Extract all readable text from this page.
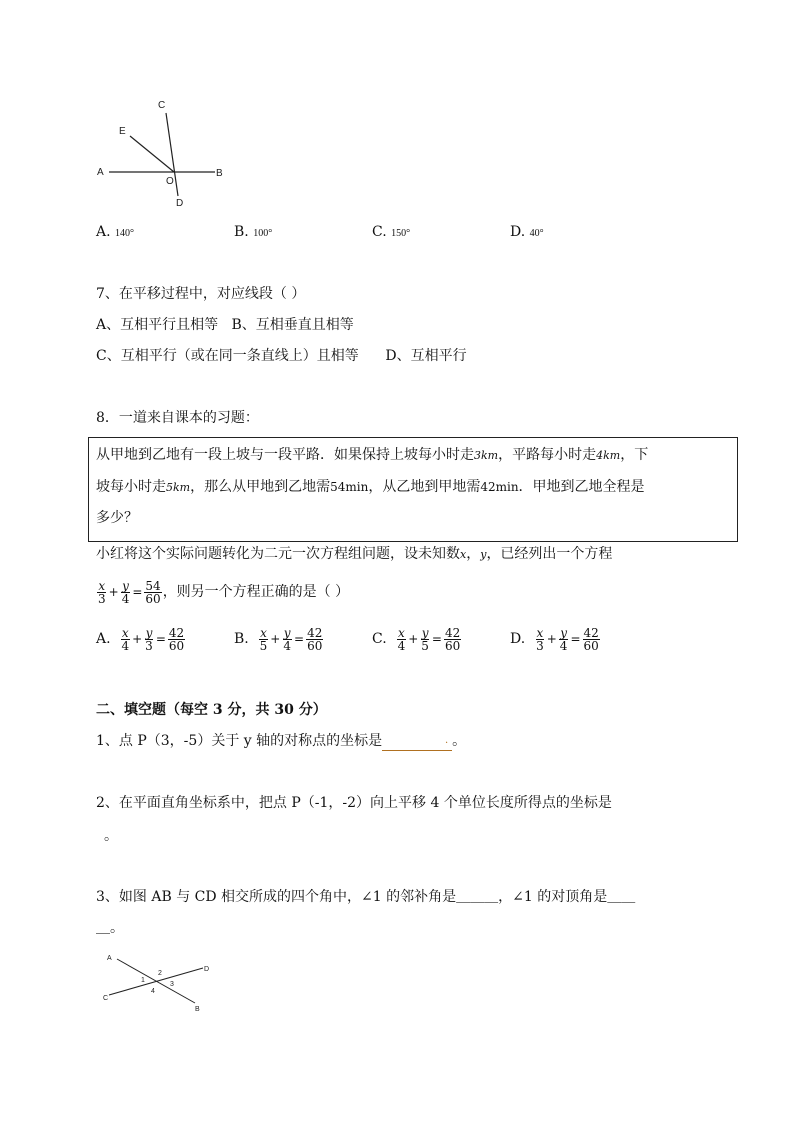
A	B
C
D
E
O
A. 140°	B. 100°	C. 150°	D. 40°
7、在平移过程中，对应线段（ ）
A、互相平行且相等 B、互相垂直且相等
C、互相平行（或在同一条直线上）且相等 D、互相平行
8．一道来自课本的习题：
从甲地到乙地有一段上坡与一段平路．如果保持上坡每小时走3km，平路每小时走4km，下
坡每小时走5km，那么从甲地到乙地需54min，从乙地到甲地需42min．甲地到乙地全程是
多少？
小红将这个实际问题转化为二元一次方程组问题，设未知数x，y，已经列出一个方程
$\frac{x}{3} + \frac{y}{4} = \frac{54}{60}$ ，则另一个方程正确的是（ ）
A. $\frac{x}{4} + \frac{y}{3} = \frac{42}{60}$	B. $\frac{x}{5} + \frac{y}{4} = \frac{42}{60}$	C. $\frac{x}{4} + \frac{y}{5} = \frac{42}{60}$	D. $\frac{x}{3} + \frac{y}{4} = \frac{42}{60}$
二、填空题（每空 3 分，共 30 分）
1、点 P（3，-5）关于 y 轴的对称点的坐标是	. 。
2、在平面直角坐标系中，把点 P（-1，-2）向上平移 4 个单位长度所得点的坐标是
。
3、如图 AB 与 CD 相交所成的四个角中，∠1 的邻补角是＿＿＿，∠1 的对顶角是＿＿
＿。
A
B
C
D
1
2
3
4
